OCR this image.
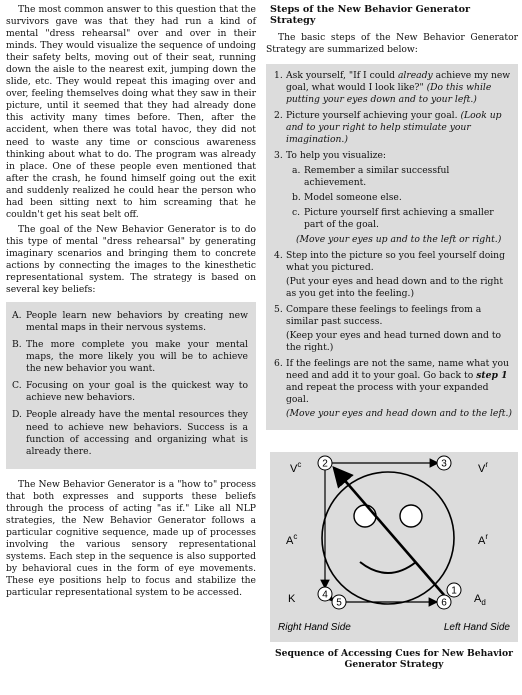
The most common answer to this question that the survivors gave was that they had run a kind of mental "dress rehearsal" over and over in their minds. They would visualize the sequence of undoing their safety belts, moving out of their seat, running down the aisle to the nearest exit, jumping down the slide, etc. They would repeat this imaging over and over, feeling themselves doing what they saw in their picture, until it seemed that they had already done this activity many times before. Then, after the accident, when there was total havoc, they did not need to waste any time or conscious awareness thinking about what to do. The program was already in place. One of these people even mentioned that after the crash, he found himself going out the exit and suddenly realized he could hear the person who had been sitting next to him screaming that he couldn't get his seat belt off.

The goal of the New Behavior Generator is to do this type of mental "dress rehearsal" by generating imaginary scenarios and bringing them to concrete actions by connecting the images to the kinesthetic representational system. The strategy is based on several key beliefs:

A. People learn new behaviors by creating new mental maps in their nervous systems.
B. The more complete you make your mental maps, the more likely you will be to achieve the new behavior you want.
C. Focusing on your goal is the quickest way to achieve new behaviors.
D. People already have the mental resources they need to achieve new behaviors. Success is a function of accessing and organizing what is already there.

The New Behavior Generator is a "how to" process that both expresses and supports these beliefs through the process of acting "as if." Like all NLP strategies, the New Behavior Generator follows a particular cognitive sequence, made up of processes involving the various sensory representational systems. Each step in the sequence is also supported by behavioral cues in the form of eye movements. These eye positions help to focus and stabilize the particular representational system to be accessed.

Steps of the New Behavior Generator Strategy

The basic steps of the New Behavior Generator Strategy are summarized below:

1. Ask yourself, "If I could already achieve my new goal, what would I look like?" (Do this while putting your eyes down and to your left.)
2. Picture yourself achieving your goal. (Look up and to your right to help stimulate your imagination.)
3. To help you visualize:
a. Remember a similar successful achievement.
b. Model someone else.
c. Picture yourself first achieving a smaller part of the goal.
(Move your eyes up and to the left or right.)
4. Step into the picture so you feel yourself doing what you pictured.
(Put your eyes and head down and to the right as you get into the feeling.)
5. Compare these feelings to feelings from a similar past success.
(Keep your eyes and head turned down and to the right.)
6. If the feelings are not the same, name what you need and add it to your goal. Go back to step 1 and repeat the process with your expanded goal.
(Move your eyes and head down and to the left.)
2	3
4
5	6
1
$V^c$	$V^r$
$A^c$	$A^r$
K	$A_d$
Right Hand Side	Left Hand Side
Sequence of Accessing Cues for New Behavior Generator Strategy
